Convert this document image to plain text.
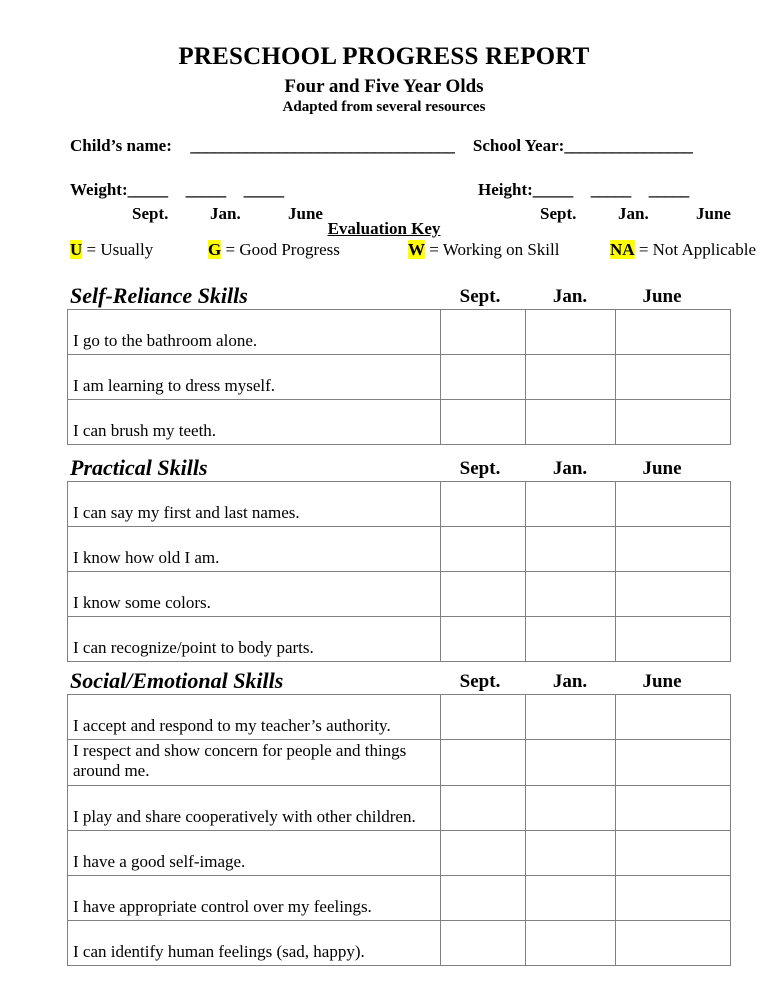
PRESCHOOL PROGRESS REPORT
Four and Five Year Olds
Adapted from several resources
Child’s name: _________________________________ School Year:________________
Weight:_____ _____ _____
Sept. Jan.	June
Height:_____ _____ _____
Sept. Jan.	June
Evaluation Key
U = Usually	G = Good Progress	W = Working on Skill	NA = Not Applicable
Self-Reliance Skills	Sept.	Jan.	June
I go to the bathroom alone.			
I am learning to dress myself.			
I can brush my teeth.			
Practical Skills	Sept.	Jan.	June
I can say my first and last names.			
I know how old I am.			
I know some colors.			
I can recognize/point to body parts.			
Social/Emotional Skills	Sept.	Jan.	June
I accept and respond to my teacher’s authority.			
I respect and show concern for people and things around me.			
I play and share cooperatively with other children.			
I have a good self-image.			
I have appropriate control over my feelings.			
I can identify human feelings (sad, happy).			
